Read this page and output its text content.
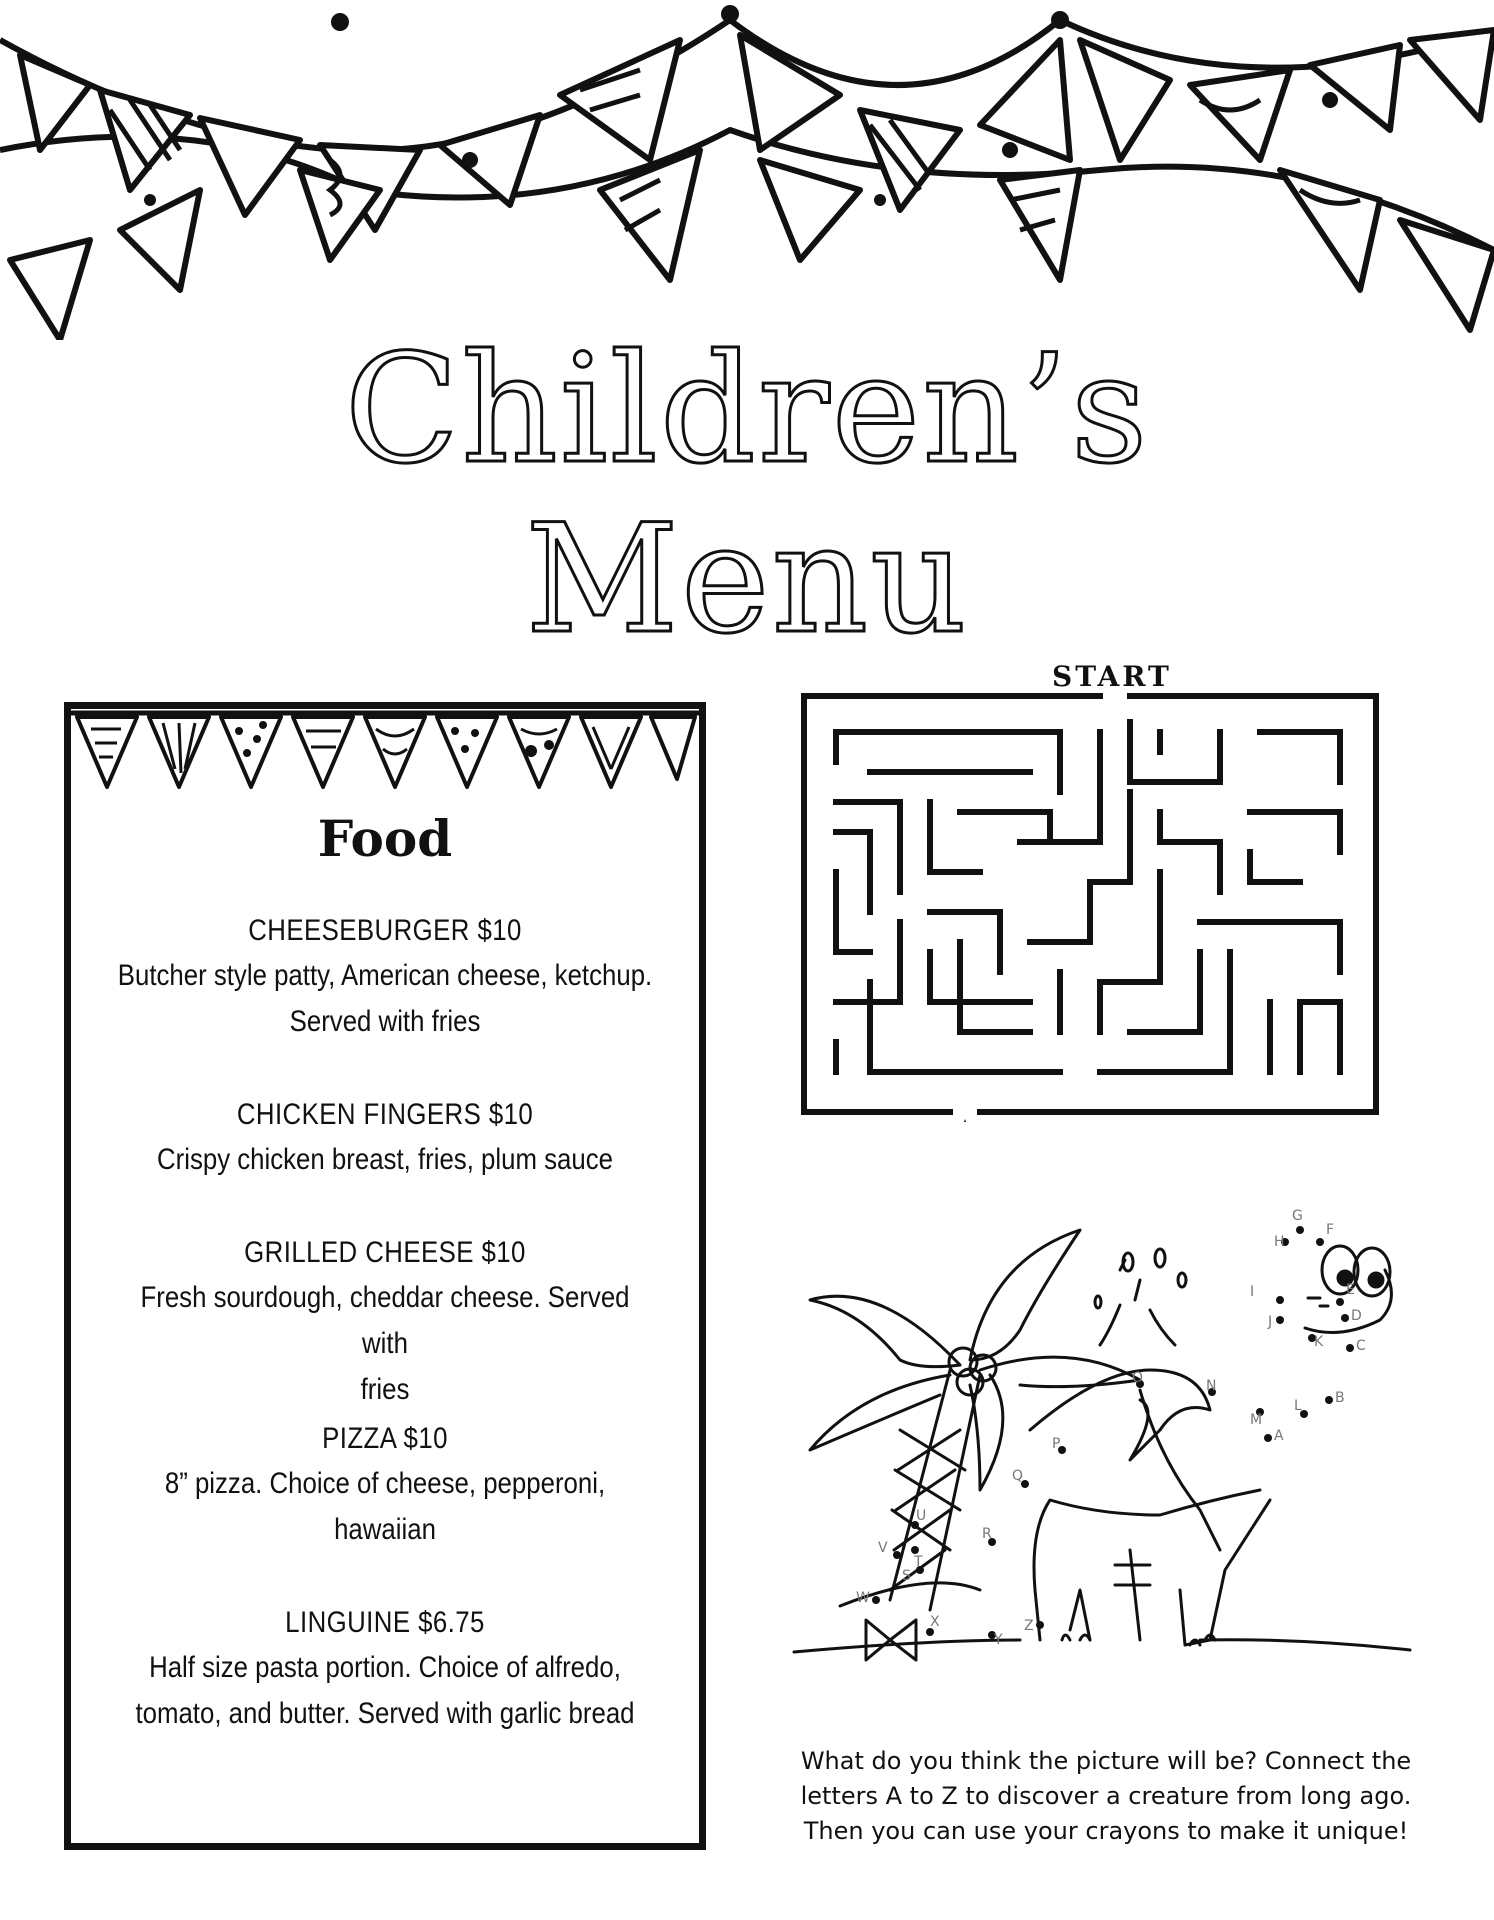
Children’s
Menu
Food
CHEESEBURGER $10
Butcher style patty, American cheese, ketchup.
Served with fries
CHICKEN FINGERS $10
Crispy chicken breast, fries, plum sauce
GRILLED CHEESE $10
Fresh sourdough, cheddar cheese. Served with
fries
PIZZA $10
8” pizza. Choice of cheese, pepperoni,
hawaiian
LINGUINE $6.75
Half size pasta portion. Choice of alfredo,
tomato, and butter. Served with garlic bread
START
A
B
C
D
E
F
G
H
I
J
K
L
M
N
O
P
Q
R
S
T
U
V
W
X
Y
Z
What do you think the picture will be? Connect the
letters A to Z to discover a creature from long ago.
Then you can use your crayons to make it unique!
